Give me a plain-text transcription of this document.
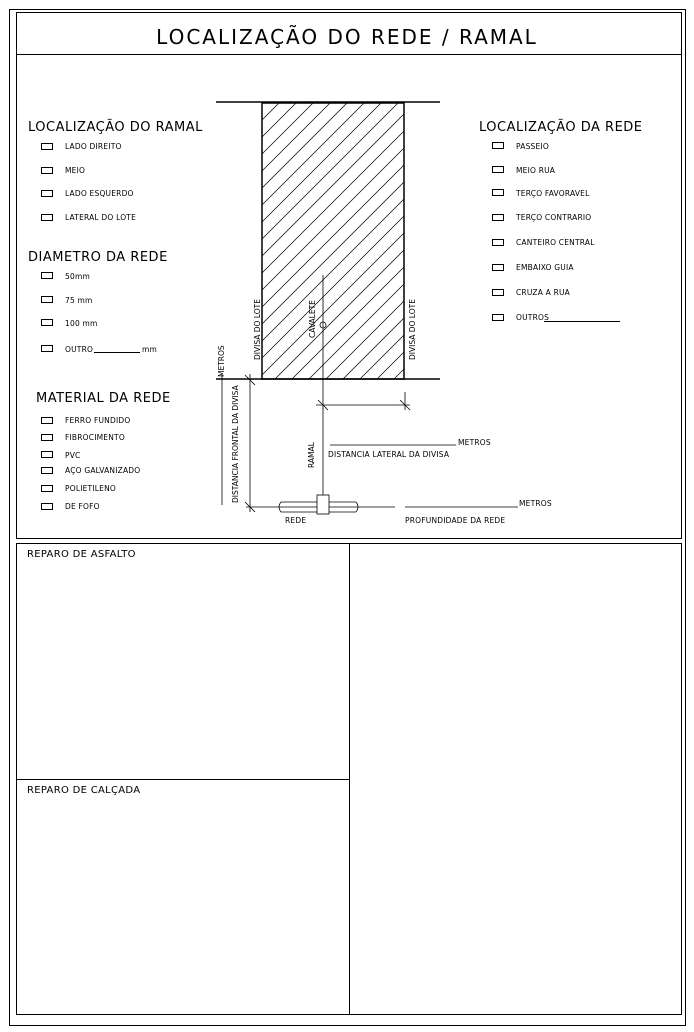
LOCALIZAÇÃO DO REDE / RAMAL
REPARO DE ASFALTO
REPARO DE CALÇADA
LOCALIZAÇÃO DO RAMAL
LADO DIREITO
MEIO
LADO ESQUERDO
LATERAL DO LOTE
DIAMETRO DA REDE
50mm
75 mm
100 mm
OUTRO	mm
MATERIAL DA REDE
FERRO FUNDIDO
FIBROCIMENTO
PVC
AÇO GALVANIZADO
POLIETILENO
DE FOFO
LOCALIZAÇÃO DA REDE
PASSEIO
MEIO RUA
TERÇO FAVORAVEL
TERÇO CONTRARIO
CANTEIRO CENTRAL
EMBAIXO GUIA
CRUZA A RUA
OUTROS
DIVISA DO LOTE	DIVISA DO LOTE
CAVALETE
METROS
DISTANCIA FRONTAL DA DIVISA	RAMAL	METROS
DISTANCIA LATERAL DA DIVISA
METROS
REDE	PROFUNDIDADE DA REDE
